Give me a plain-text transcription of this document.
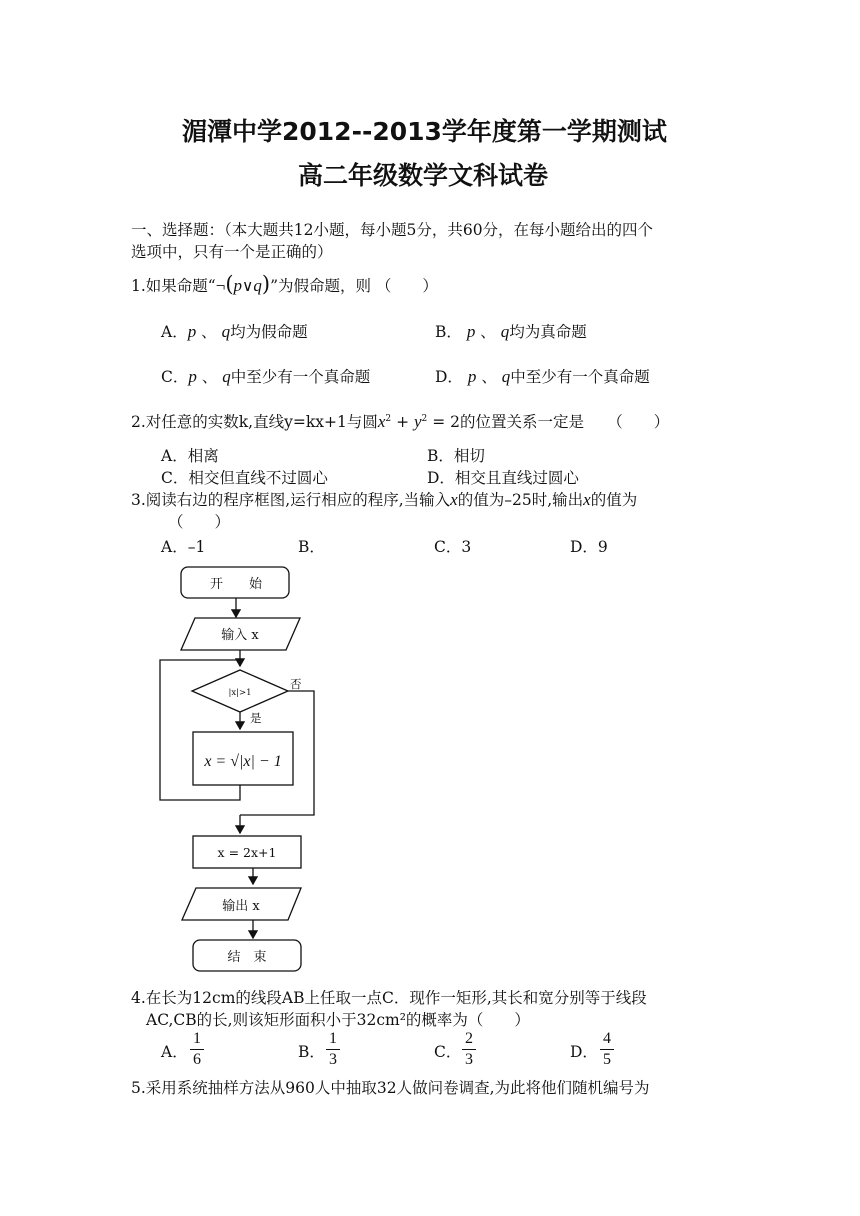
湄潭中学2012--2013学年度第一学期测试
高二年级数学文科试卷
一、选择题：（本大题共12小题，每小题5分，共60分，在每小题给出的四个
选项中，只有一个是正确的）
1.如果命题“¬(p∨q)”为假命题，则 （　　）
A．p 、 q均为假命题	B． p 、 q均为真命题
C．p 、 q中至少有一个真命题	D． p 、 q中至少有一个真命题
2.对任意的实数k,直线y=kx+1与圆$x^2 + y^2 = 2$的位置关系一定是　　（　　）
A．相离	B．相切
C．相交但直线不过圆心	D．相交且直线过圆心
3.阅读右边的程序框图,运行相应的程序,当输入x的值为–25时,输出x的值为
（　　）
A．–1	B．	C．3	D．9
开　　始
输入 x
|x|>1
否
是
x = √|x| − 1
x = 2x+1
输出 x
结　束
4.在长为12cm的线段AB上任取一点C．现作一矩形,其长和宽分别等于线段
AC,CB的长,则该矩形面积小于32cm²的概率为（　　）
A．
1
6	B．
1
3	C．
2
3	D．
4
5
5.采用系统抽样方法从960人中抽取32人做问卷调查,为此将他们随机编号为
